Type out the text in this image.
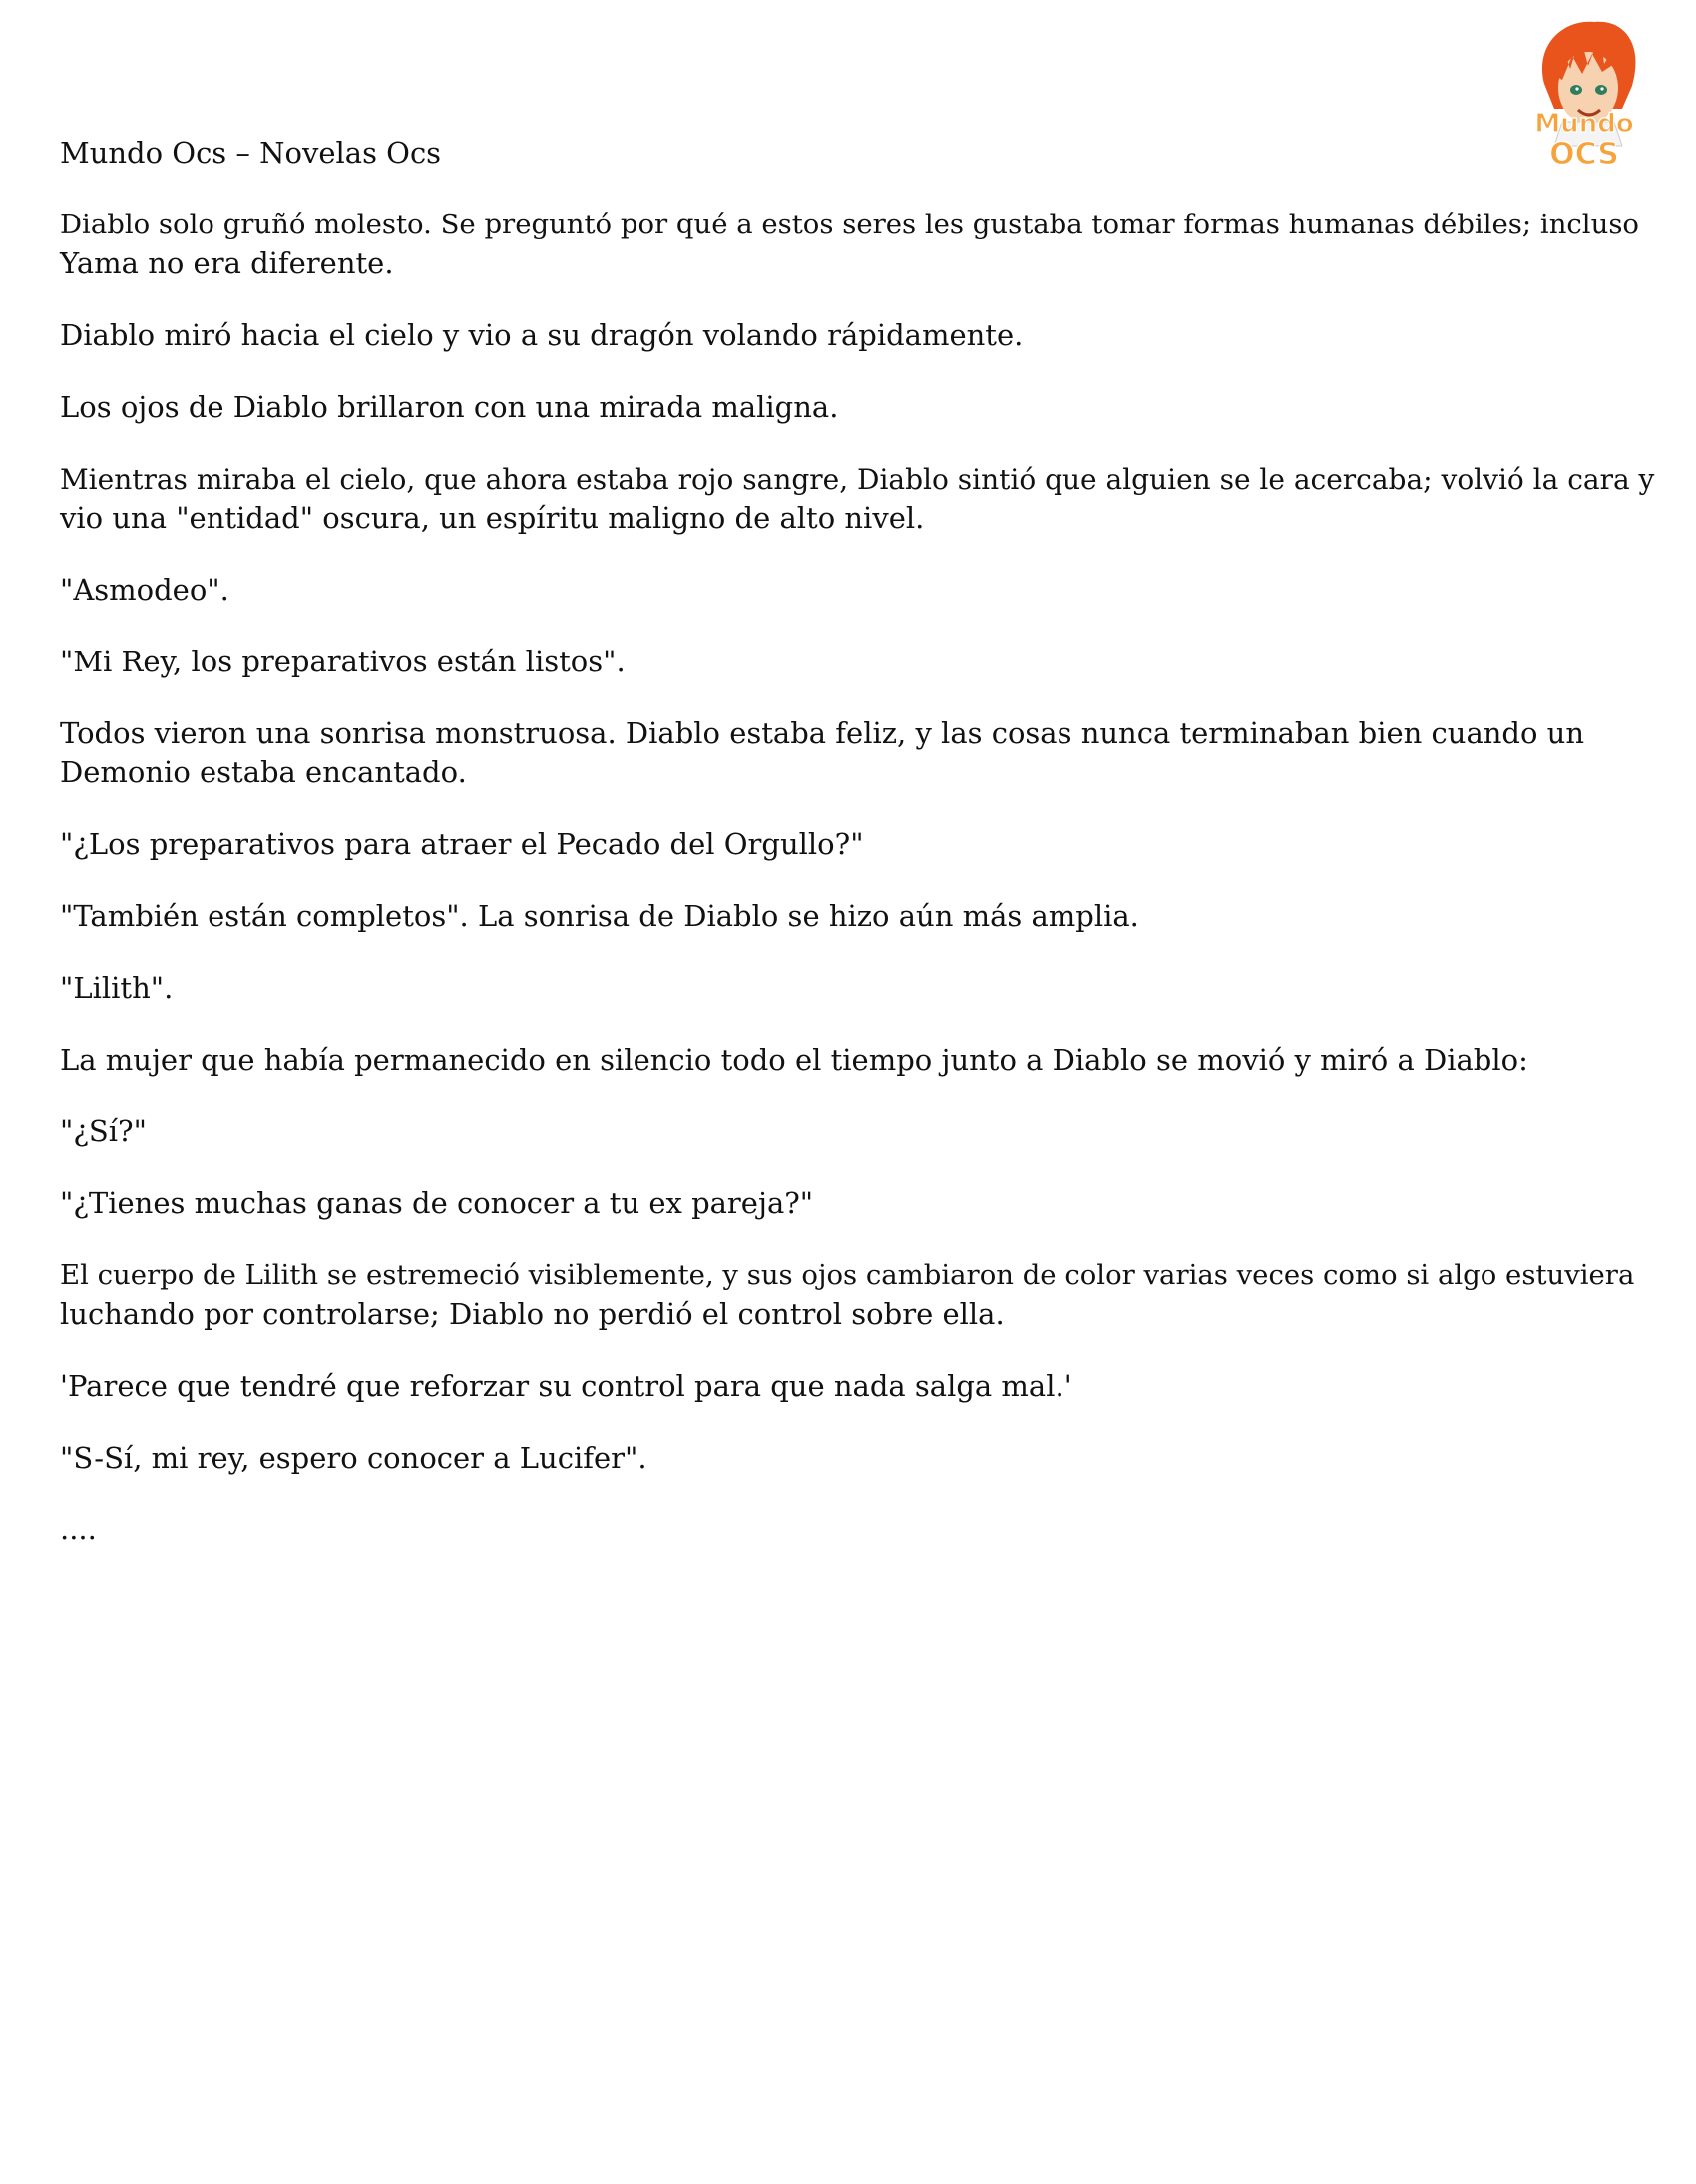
Mundo
OCS
Mundo Ocs – Novelas Ocs

Diablo solo gruñó molesto. Se preguntó por qué a estos seres les gustaba tomar formas humanas débiles; incluso
Yama no era diferente.

Diablo miró hacia el cielo y vio a su dragón volando rápidamente.

Los ojos de Diablo brillaron con una mirada maligna.

Mientras miraba el cielo, que ahora estaba rojo sangre, Diablo sintió que alguien se le acercaba; volvió la cara y
vio una "entidad" oscura, un espíritu maligno de alto nivel.

"Asmodeo".

"Mi Rey, los preparativos están listos".

Todos vieron una sonrisa monstruosa. Diablo estaba feliz, y las cosas nunca terminaban bien cuando un
Demonio estaba encantado.

"¿Los preparativos para atraer el Pecado del Orgullo?"

"También están completos". La sonrisa de Diablo se hizo aún más amplia.

"Lilith".

La mujer que había permanecido en silencio todo el tiempo junto a Diablo se movió y miró a Diablo:

"¿Sí?"

"¿Tienes muchas ganas de conocer a tu ex pareja?"

El cuerpo de Lilith se estremeció visiblemente, y sus ojos cambiaron de color varias veces como si algo estuviera
luchando por controlarse; Diablo no perdió el control sobre ella.

'Parece que tendré que reforzar su control para que nada salga mal.'

"S-Sí, mi rey, espero conocer a Lucifer".

....
